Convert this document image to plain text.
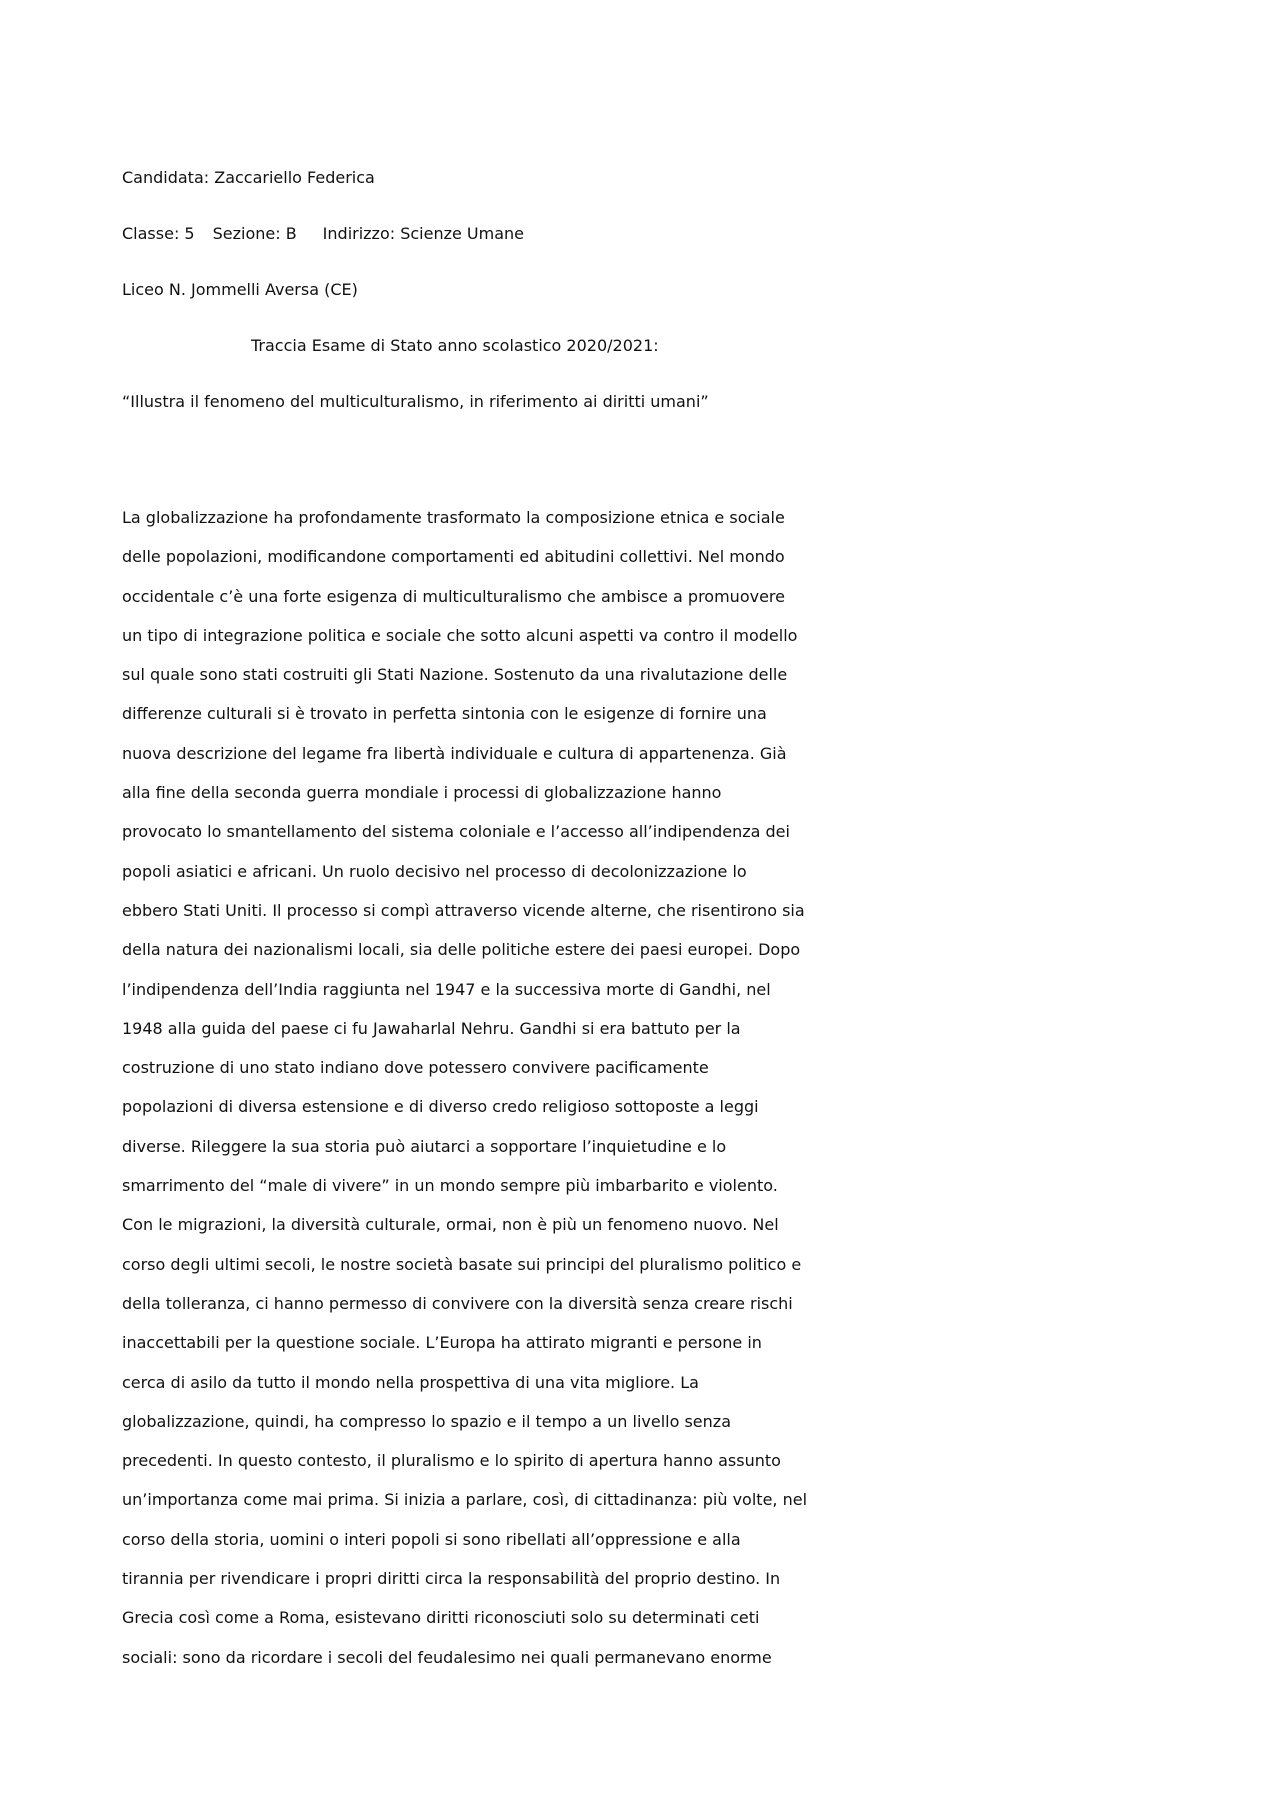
Candidata: Zaccariello Federica

Classe: 5 Sezione: B Indirizzo: Scienze Umane

Liceo N. Jommelli Aversa (CE)

Traccia Esame di Stato anno scolastico 2020/2021:

“Illustra il fenomeno del multiculturalismo, in riferimento ai diritti umani”

La globalizzazione ha profondamente trasformato la composizione etnica e sociale
delle popolazioni, modificandone comportamenti ed abitudini collettivi. Nel mondo
occidentale c’è una forte esigenza di multiculturalismo che ambisce a promuovere
un tipo di integrazione politica e sociale che sotto alcuni aspetti va contro il modello
sul quale sono stati costruiti gli Stati Nazione. Sostenuto da una rivalutazione delle
differenze culturali si è trovato in perfetta sintonia con le esigenze di fornire una
nuova descrizione del legame fra libertà individuale e cultura di appartenenza. Già
alla fine della seconda guerra mondiale i processi di globalizzazione hanno
provocato lo smantellamento del sistema coloniale e l’accesso all’indipendenza dei
popoli asiatici e africani. Un ruolo decisivo nel processo di decolonizzazione lo
ebbero Stati Uniti. Il processo si compì attraverso vicende alterne, che risentirono sia
della natura dei nazionalismi locali, sia delle politiche estere dei paesi europei. Dopo
l’indipendenza dell’India raggiunta nel 1947 e la successiva morte di Gandhi, nel
1948 alla guida del paese ci fu Jawaharlal Nehru. Gandhi si era battuto per la
costruzione di uno stato indiano dove potessero convivere pacificamente
popolazioni di diversa estensione e di diverso credo religioso sottoposte a leggi
diverse. Rileggere la sua storia può aiutarci a sopportare l’inquietudine e lo
smarrimento del “male di vivere” in un mondo sempre più imbarbarito e violento.
Con le migrazioni, la diversità culturale, ormai, non è più un fenomeno nuovo. Nel
corso degli ultimi secoli, le nostre società basate sui principi del pluralismo politico e
della tolleranza, ci hanno permesso di convivere con la diversità senza creare rischi
inaccettabili per la questione sociale. L’Europa ha attirato migranti e persone in
cerca di asilo da tutto il mondo nella prospettiva di una vita migliore. La
globalizzazione, quindi, ha compresso lo spazio e il tempo a un livello senza
precedenti. In questo contesto, il pluralismo e lo spirito di apertura hanno assunto
un’importanza come mai prima. Si inizia a parlare, così, di cittadinanza: più volte, nel
corso della storia, uomini o interi popoli si sono ribellati all’oppressione e alla
tirannia per rivendicare i propri diritti circa la responsabilità del proprio destino. In
Grecia così come a Roma, esistevano diritti riconosciuti solo su determinati ceti
sociali: sono da ricordare i secoli del feudalesimo nei quali permanevano enorme
